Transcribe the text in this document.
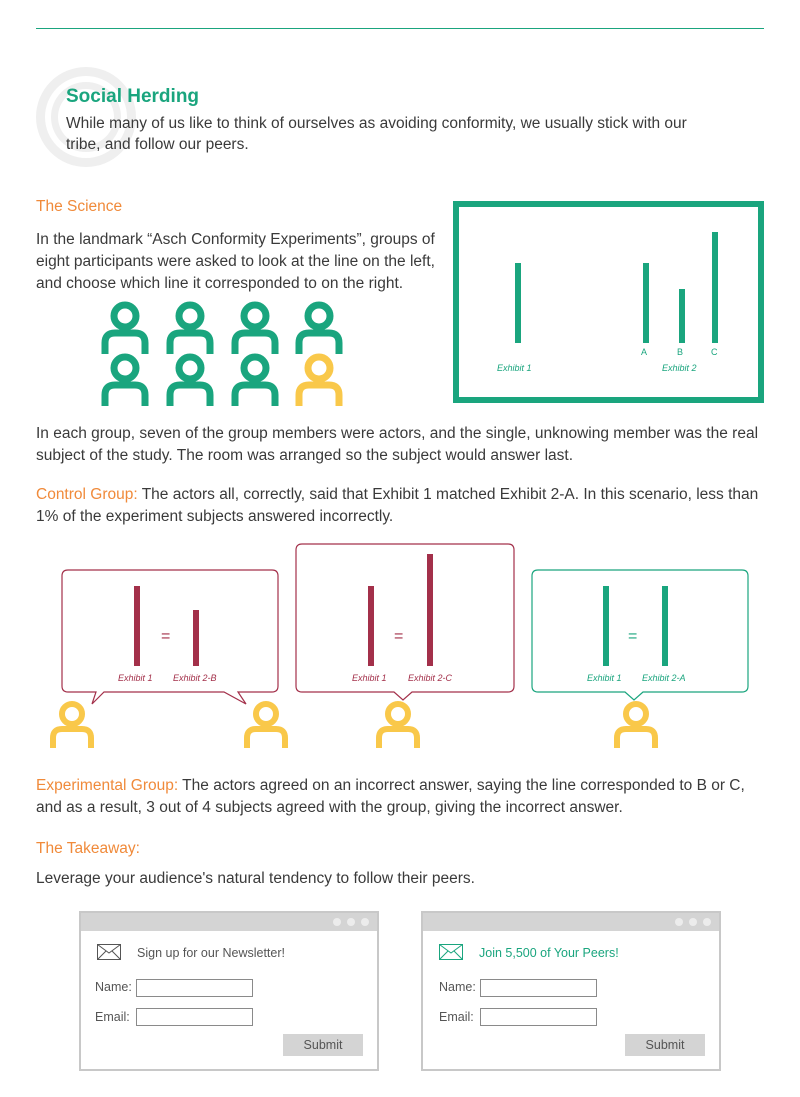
Social Herding
While many of us like to think of ourselves as avoiding conformity, we usually stick with our tribe, and follow our peers.
The Science
In the landmark “Asch Conformity Experiments”, groups of eight participants were asked to look at the line on the left, and choose which line it corresponded to on the right.
A	B	C
Exhibit 1	Exhibit 2
In each group, seven of the group members were actors, and the single, unknowing member was the real subject of the study. The room was arranged so the subject would answer last.
Control Group: The actors all, correctly, said that Exhibit 1 matched Exhibit 2-A. In this scenario, less than 1% of the experiment subjects answered incorrectly.
=
Exhibit 1 Exhibit 2-B
=
Exhibit 1 Exhibit 2-C
=
Exhibit 1 Exhibit 2-A
Experimental Group: The actors agreed on an incorrect answer, saying the line corresponded to B or C, and as a result, 3 out of 4 subjects agreed with the group, giving the incorrect answer.
The Takeaway:
Leverage your audience's natural tendency to follow their peers.
Sign up for our Newsletter!
Name:
Email:
Submit
Join 5,500 of Your Peers!
Name:
Email:
Submit
